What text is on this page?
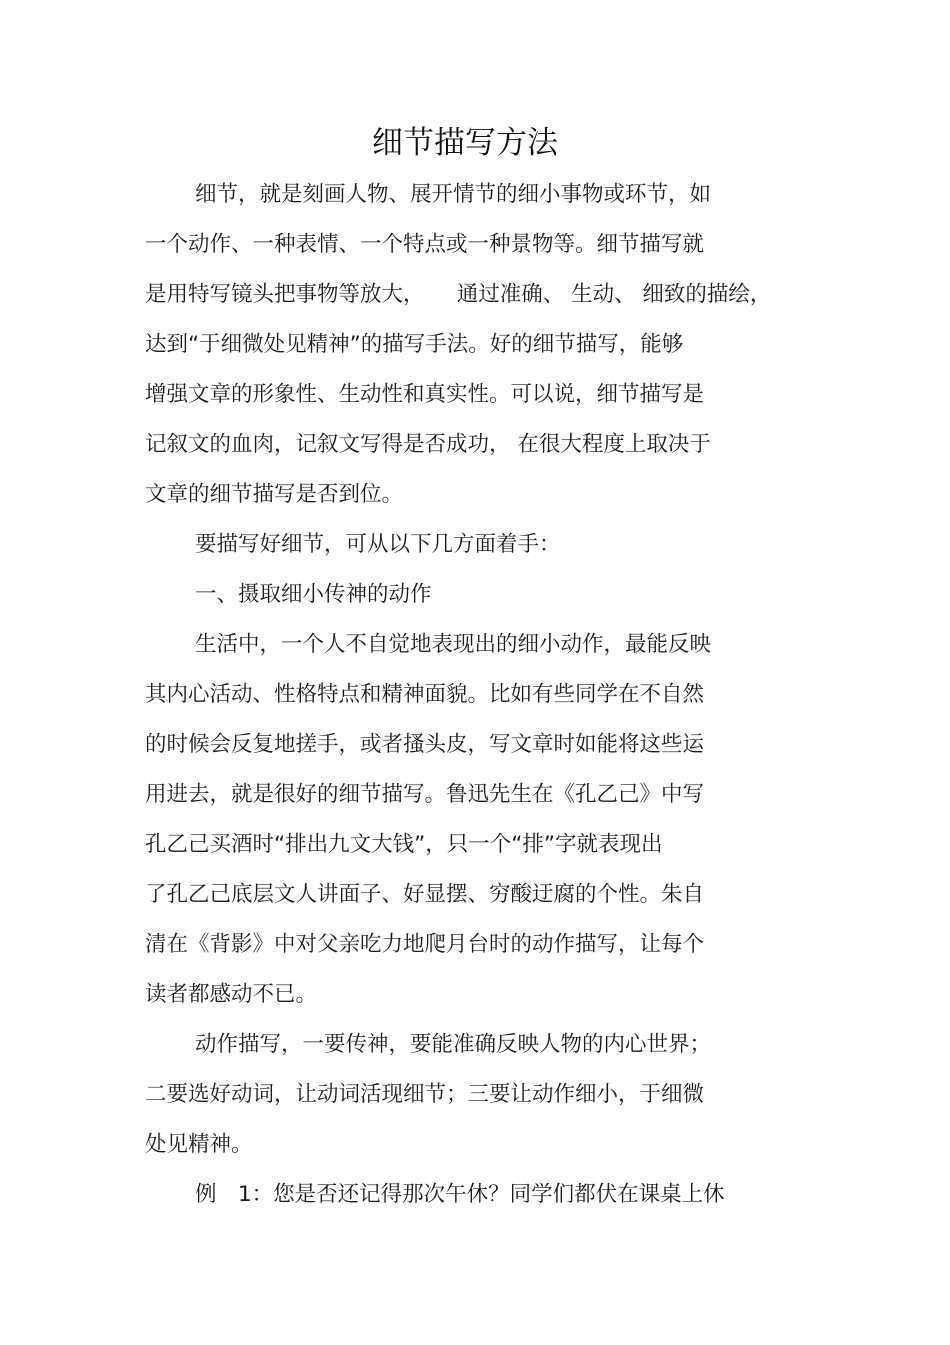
细节描写方法
细节，就是刻画人物、展开情节的细小事物或环节，如
一个动作、一种表情、一个特点或一种景物等。细节描写就
是用特写镜头把事物等放大，　　通过准确、 生动、 细致的描绘，
达到“于细微处见精神”的描写手法。好的细节描写，能够
增强文章的形象性、生动性和真实性。可以说，细节描写是
记叙文的血肉，记叙文写得是否成功， 在很大程度上取决于
文章的细节描写是否到位。
要描写好细节，可从以下几方面着手：
一、摄取细小传神的动作
生活中，一个人不自觉地表现出的细小动作，最能反映
其内心活动、性格特点和精神面貌。比如有些同学在不自然
的时候会反复地搓手，或者搔头皮，写文章时如能将这些运
用进去，就是很好的细节描写。鲁迅先生在《孔乙己》中写
孔乙己买酒时“排出九文大钱”，只一个“排”字就表现出
了孔乙己底层文人讲面子、好显摆、穷酸迂腐的个性。朱自
清在《背影》中对父亲吃力地爬月台时的动作描写，让每个
读者都感动不已。
动作描写，一要传神，要能准确反映人物的内心世界；
二要选好动词，让动词活现细节；三要让动作细小，于细微
处见精神。
例　1：您是否还记得那次午休？同学们都伏在课桌上休
